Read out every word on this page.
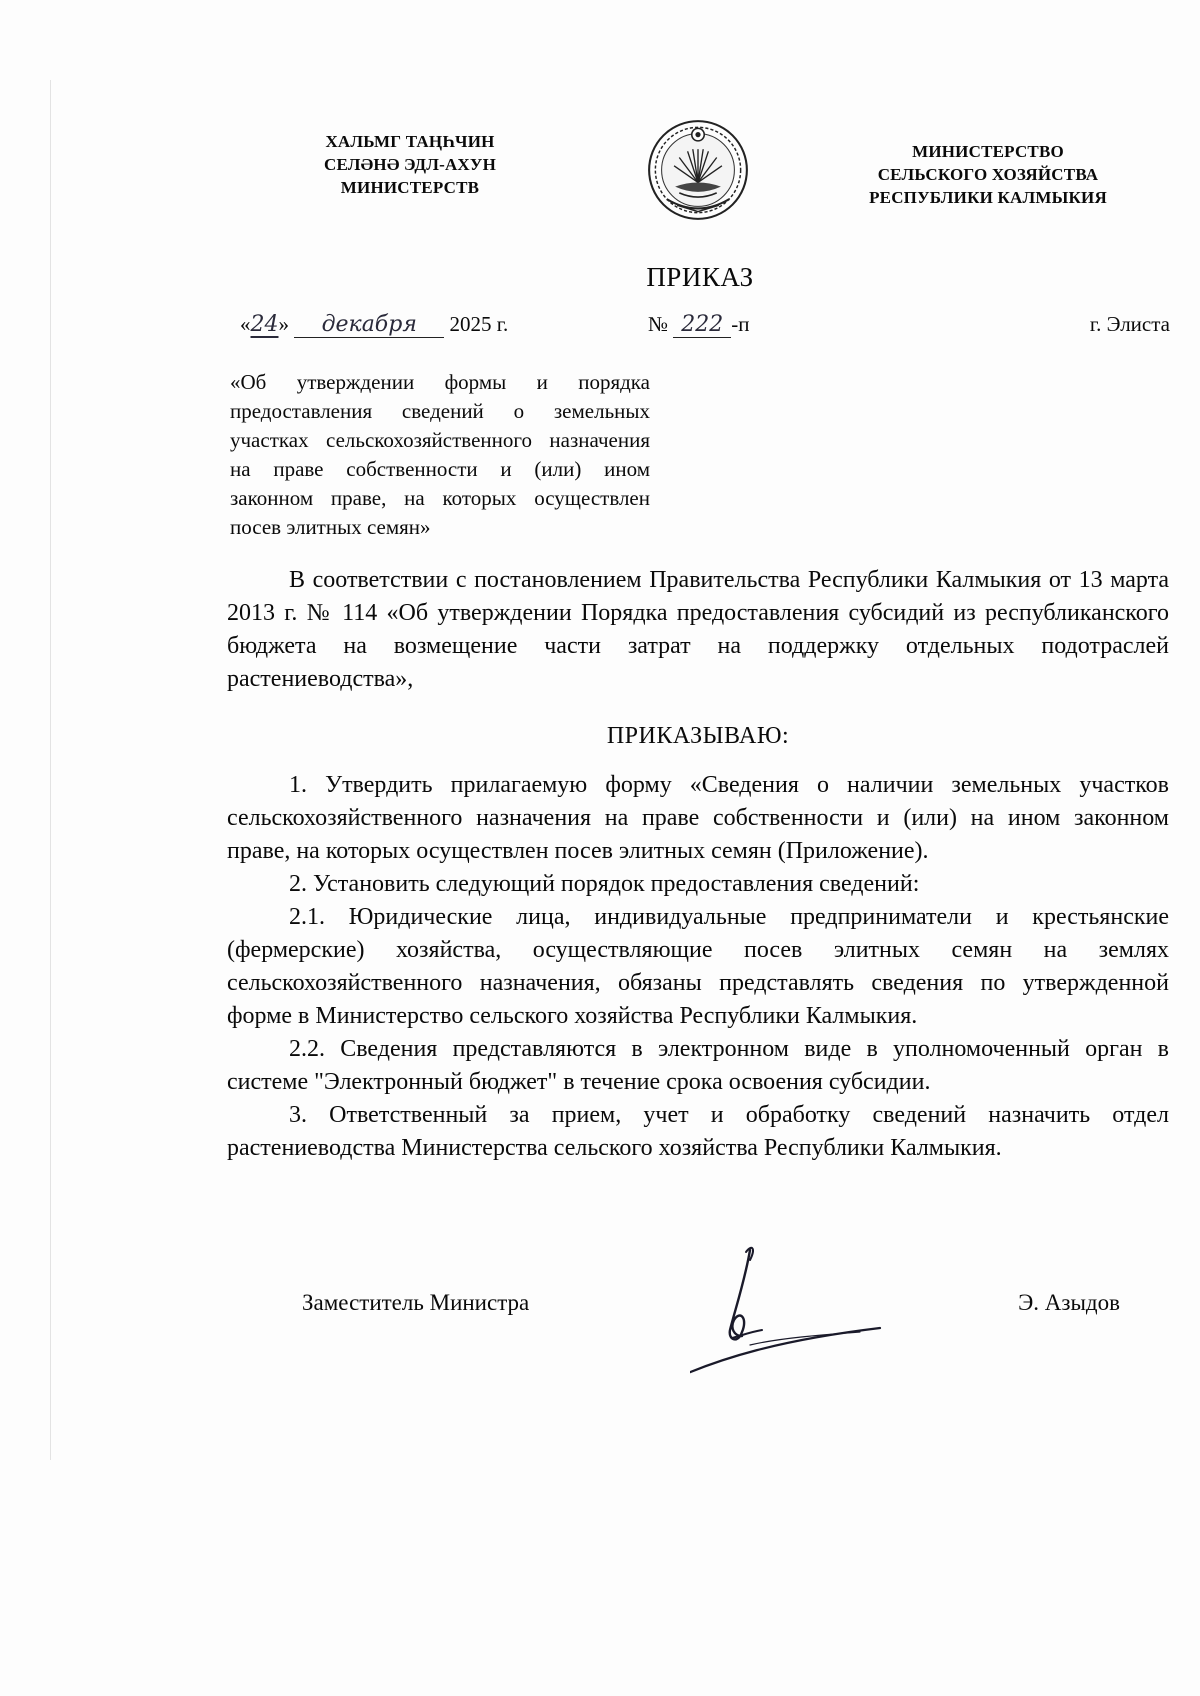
ХАЛЬМГ ТАҢҺЧИН
СЕЛӘНӘ ЭДЛ-АХУН
МИНИСТЕРСТВ
МИНИСТЕРСТВО
СЕЛЬСКОГО ХОЗЯЙСТВА
РЕСПУБЛИКИ КАЛМЫКИЯ
ПРИКАЗ
«24» декабря 2025 г.	№ 222 -п	г. Элиста
«Об утверждении формы и порядка предоставления сведений о земельных участках сельскохозяйственного назначения на праве собственности и (или) ином законном праве, на которых осуществлен посев элитных семян»

В соответствии с постановлением Правительства Республики Калмыкия от 13 марта 2013 г. № 114 «Об утверждении Порядка предоставления субсидий из республиканского бюджета на возмещение части затрат на поддержку отдельных подотраслей растениеводства»,

ПРИКАЗЫВАЮ:

1. Утвердить прилагаемую форму «Сведения о наличии земельных участков сельскохозяйственного назначения на праве собственности и (или) на ином законном праве, на которых осуществлен посев элитных семян (Приложение).

2. Установить следующий порядок предоставления сведений:

2.1. Юридические лица, индивидуальные предприниматели и крестьянские (фермерские) хозяйства, осуществляющие посев элитных семян на землях сельскохозяйственного назначения, обязаны представлять сведения по утвержденной форме в Министерство сельского хозяйства Республики Калмыкия.

2.2. Сведения представляются в электронном виде в уполномоченный орган в системе "Электронный бюджет" в течение срока освоения субсидии.

3. Ответственный за прием, учет и обработку сведений назначить отдел растениеводства Министерства сельского хозяйства Республики Калмыкия.

Заместитель Министра	Э. Азыдов
